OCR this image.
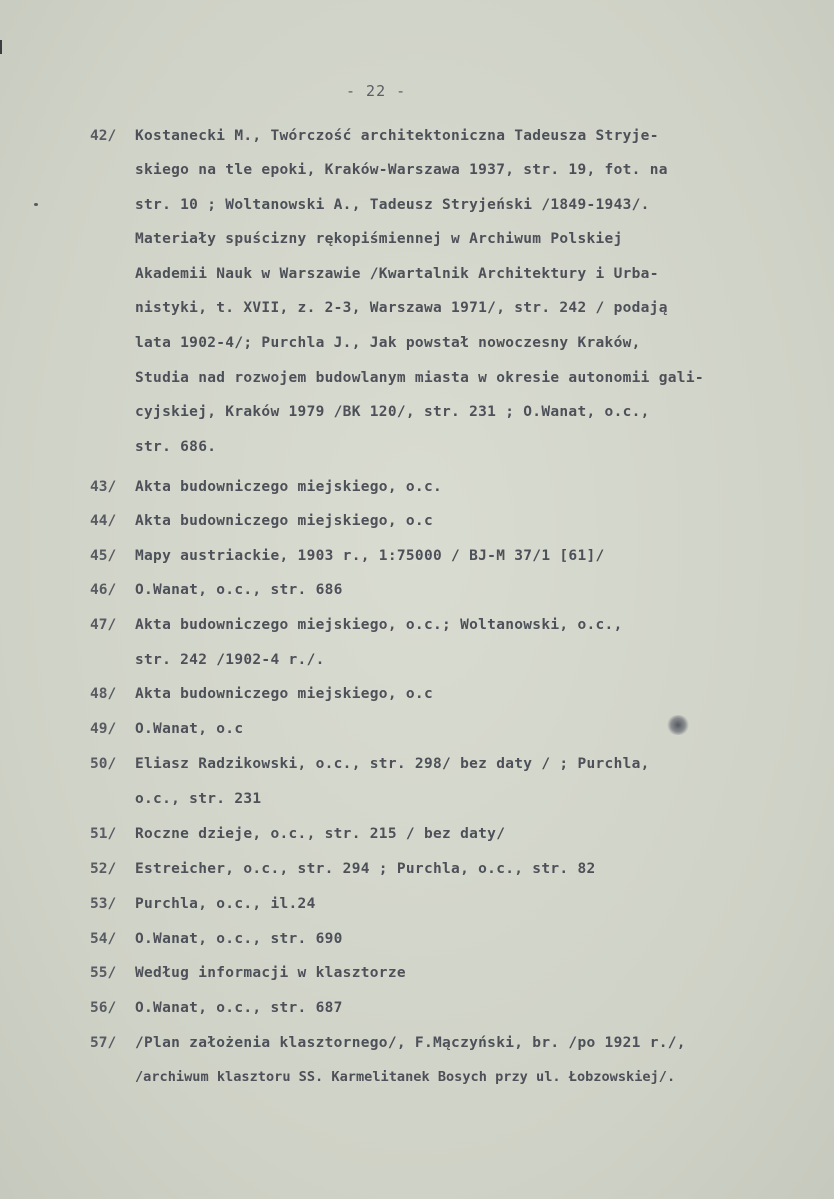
- 22 -
42/ Kostanecki M., Twórczość architektoniczna Tadeusza Stryje-
skiego na tle epoki, Kraków-Warszawa 1937, str. 19, fot. na
str. 10 ; Woltanowski A., Tadeusz Stryjeński /1849-1943/.
Materiały spuścizny rękopiśmiennej w Archiwum Polskiej
Akademii Nauk w Warszawie /Kwartalnik Architektury i Urba-
nistyki, t. XVII, z. 2-3, Warszawa 1971/, str. 242 / podają
lata 1902-4/; Purchla J., Jak powstał nowoczesny Kraków,
Studia nad rozwojem budowlanym miasta w okresie autonomii gali-
cyjskiej, Kraków 1979 /BK 120/, str. 231 ; O.Wanat, o.c.,
str. 686.
43/ Akta budowniczego miejskiego, o.c.
44/ Akta budowniczego miejskiego, o.c
45/ Mapy austriackie, 1903 r., 1:75000 / BJ-M 37/1 [61]/
46/ O.Wanat, o.c., str. 686
47/ Akta budowniczego miejskiego, o.c.; Woltanowski, o.c.,
str. 242 /1902-4 r./.
48/ Akta budowniczego miejskiego, o.c
49/ O.Wanat, o.c
50/ Eliasz Radzikowski, o.c., str. 298/ bez daty / ; Purchla,
o.c., str. 231
51/ Roczne dzieje, o.c., str. 215 / bez daty/
52/ Estreicher, o.c., str. 294 ; Purchla, o.c., str. 82
53/ Purchla, o.c., il.24
54/ O.Wanat, o.c., str. 690
55/ Według informacji w klasztorze
56/ O.Wanat, o.c., str. 687
57/ /Plan założenia klasztornego/, F.Mączyński, br. /po 1921 r./,
/archiwum klasztoru SS. Karmelitanek Bosych przy ul. Łobzowskiej/.
